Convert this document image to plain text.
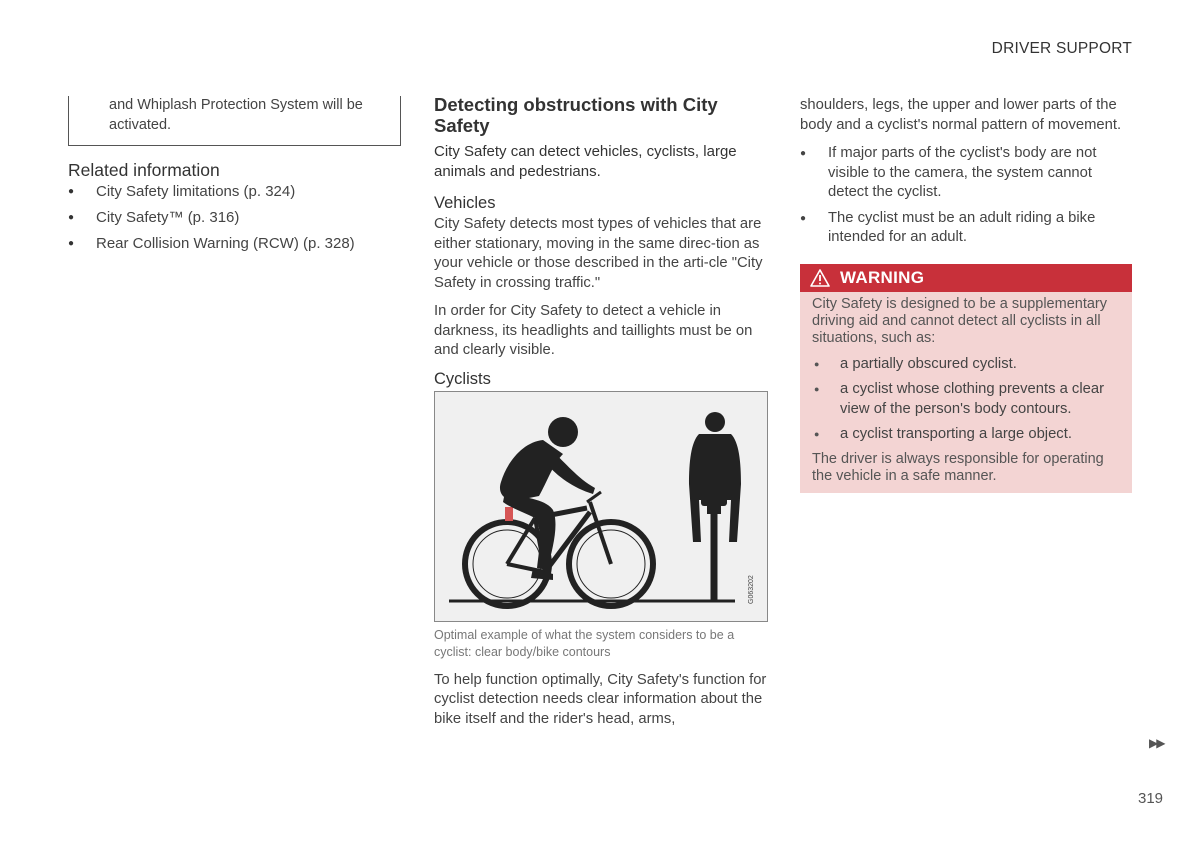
DRIVER SUPPORT

and Whiplash Protection System will be activated.

Related information
● City Safety limitations (p. 324)
● City Safety™ (p. 316)
● Rear Collision Warning (RCW) (p. 328)
Detecting obstructions with City Safety

City Safety can detect vehicles, cyclists, large animals and pedestrians.

Vehicles

City Safety detects most types of vehicles that are either stationary, moving in the same direc-tion as your vehicle or those described in the arti-cle "City Safety in crossing traffic."

In order for City Safety to detect a vehicle in darkness, its headlights and taillights must be on and clearly visible.

Cyclists
G063202

Optimal example of what the system considers to be a cyclist: clear body/bike contours

To help function optimally, City Safety's function for cyclist detection needs clear information about the bike itself and the rider's head, arms,

shoulders, legs, the upper and lower parts of the body and a cyclist's normal pattern of movement.

● If major parts of the cyclist's body are not visible to the camera, the system cannot detect the cyclist.
● The cyclist must be an adult riding a bike intended for an adult.
WARNING

City Safety is designed to be a supplementary driving aid and cannot detect all cyclists in all situations, such as:

● a partially obscured cyclist.
● a cyclist whose clothing prevents a clear view of the person's body contours.
● a cyclist transporting a large object.

The driver is always responsible for operating the vehicle in a safe manner.

▶▶
319
